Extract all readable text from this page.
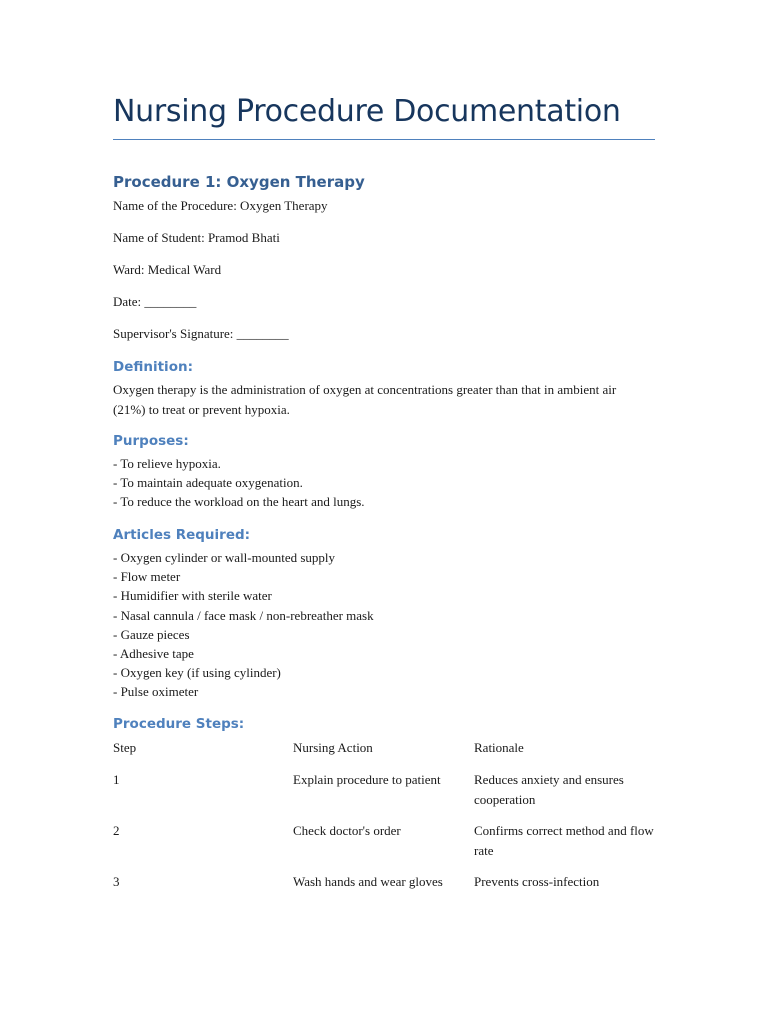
Nursing Procedure Documentation
Procedure 1: Oxygen Therapy

Name of the Procedure: Oxygen Therapy

Name of Student: Pramod Bhati

Ward: Medical Ward

Date: ________

Supervisor's Signature: ________

Definition:

Oxygen therapy is the administration of oxygen at concentrations greater than that in ambient air (21%) to treat or prevent hypoxia.

Purposes:
- To relieve hypoxia.
- To maintain adequate oxygenation.
- To reduce the workload on the heart and lungs.
Articles Required:
- Oxygen cylinder or wall-mounted supply
- Flow meter
- Humidifier with sterile water
- Nasal cannula / face mask / non-rebreather mask
- Gauze pieces
- Adhesive tape
- Oxygen key (if using cylinder)
- Pulse oximeter
Procedure Steps:
Step	Nursing Action	Rationale
1	Explain procedure to patient	Reduces anxiety and ensures cooperation
2	Check doctor's order	Confirms correct method and flow rate
3	Wash hands and wear gloves	Prevents cross-infection
